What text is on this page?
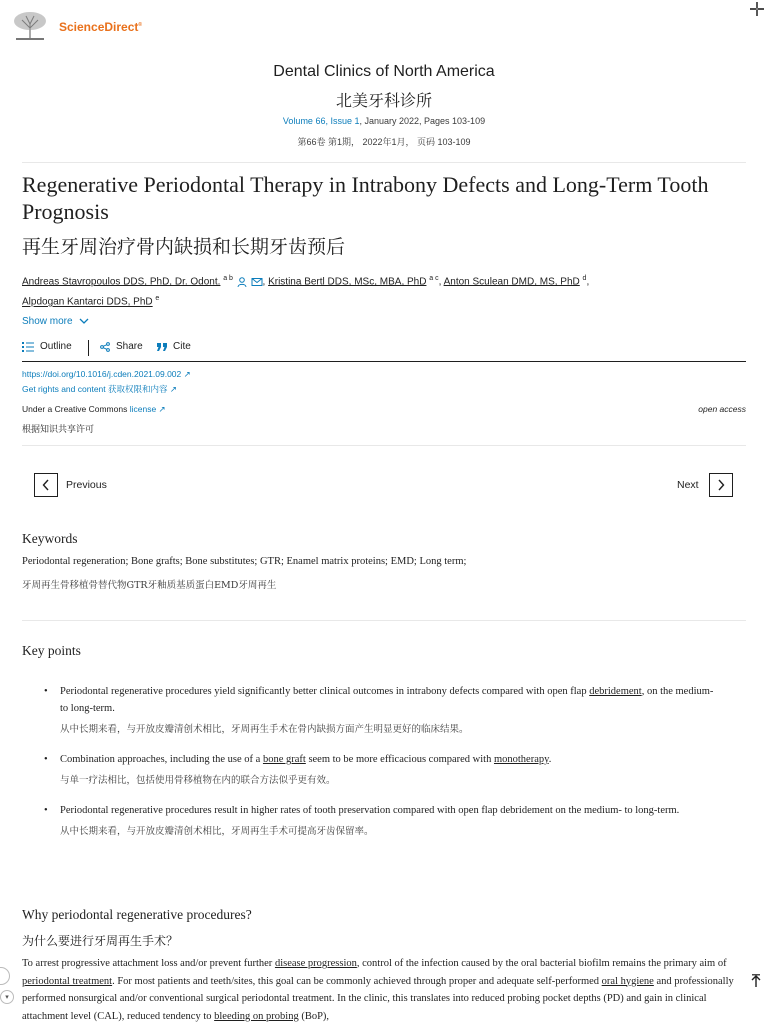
ScienceDirect®
Dental Clinics of North America
北美牙科诊所
Volume 66, Issue 1, January 2022, Pages 103-109
第66卷 第1期， 2022年1月， 页码 103-109
Regenerative Periodontal Therapy in Intrabony Defects and Long-Term Tooth Prognosis
再生牙周治疗骨内缺损和长期牙齿预后
Andreas Stavropoulos DDS, PhD, Dr. Odont. $^{a b}$	, Kristina Bertl DDS, MSc, MBA, PhD $^{a c}$, Anton Sculean DMD, MS, PhD $^d$,
Alpdogan Kantarci DDS, PhD $^e$
Show more
Outline	Share	Cite
https://doi.org/10.1016/j.cden.2021.09.002 ↗
Get rights and content 获取权限和内容 ↗
Under a Creative Commons license ↗	open access
根据知识共享许可
Previous	Next
Keywords
Periodontal regeneration; Bone grafts; Bone substitutes; GTR; Enamel matrix proteins; EMD; Long term;
牙周再生骨移植骨替代物GTR牙釉质基质蛋白EMD牙周再生
Key points
• Periodontal regenerative procedures yield significantly better clinical outcomes in intrabony defects compared with open flap debridement, on the medium- to long-term.
从中长期来看，与开放皮瓣清创术相比，牙周再生手术在骨内缺损方面产生明显更好的临床结果。
• Combination approaches, including the use of a bone graft seem to be more efficacious compared with monotherapy.
与单一疗法相比，包括使用骨移植物在内的联合方法似乎更有效。
• Periodontal regenerative procedures result in higher rates of tooth preservation compared with open flap debridement on the medium- to long-term.
从中长期来看，与开放皮瓣清创术相比，牙周再生手术可提高牙齿保留率。
Why periodontal regenerative procedures?
为什么要进行牙周再生手术？
To arrest progressive attachment loss and/or prevent further disease progression, control of the infection caused by the oral bacterial biofilm remains the primary aim of periodontal treatment. For most patients and teeth/sites, this goal can be commonly achieved through proper and adequate self-performed oral hygiene and professionally performed nonsurgical and/or conventional surgical periodontal treatment. In the clinic, this translates into reduced probing pocket depths (PD) and gain in clinical attachment level (CAL), reduced tendency to bleeding on probing (BoP),
▾
